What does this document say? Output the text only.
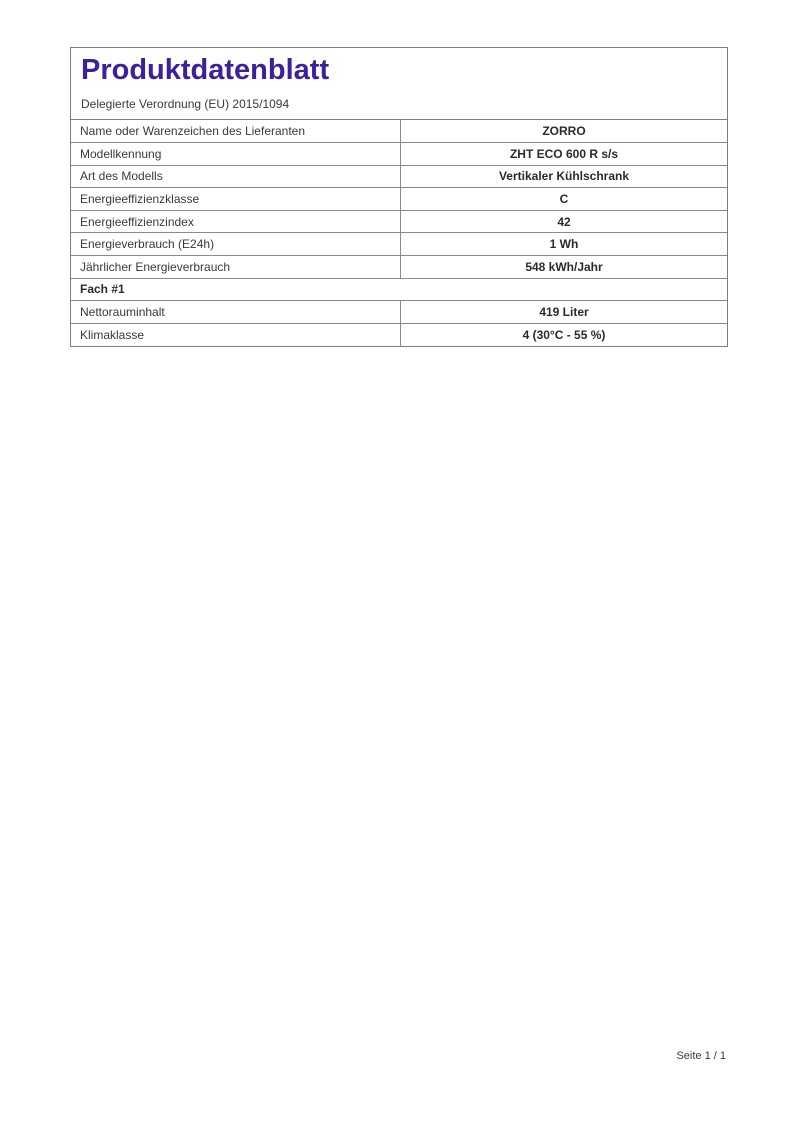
Produktdatenblatt
Delegierte Verordnung (EU) 2015/1094
Name oder Warenzeichen des Lieferanten	ZORRO
Modellkennung	ZHT ECO 600 R s/s
Art des Modells	Vertikaler Kühlschrank
Energieeffizienzklasse	C
Energieeffizienzindex	42
Energieverbrauch (E24h)	1 Wh
Jährlicher Energieverbrauch	548 kWh/Jahr
Fach #1
Nettorauminhalt	419 Liter
Klimaklasse	4 (30°C - 55 %)
Seite 1 / 1
